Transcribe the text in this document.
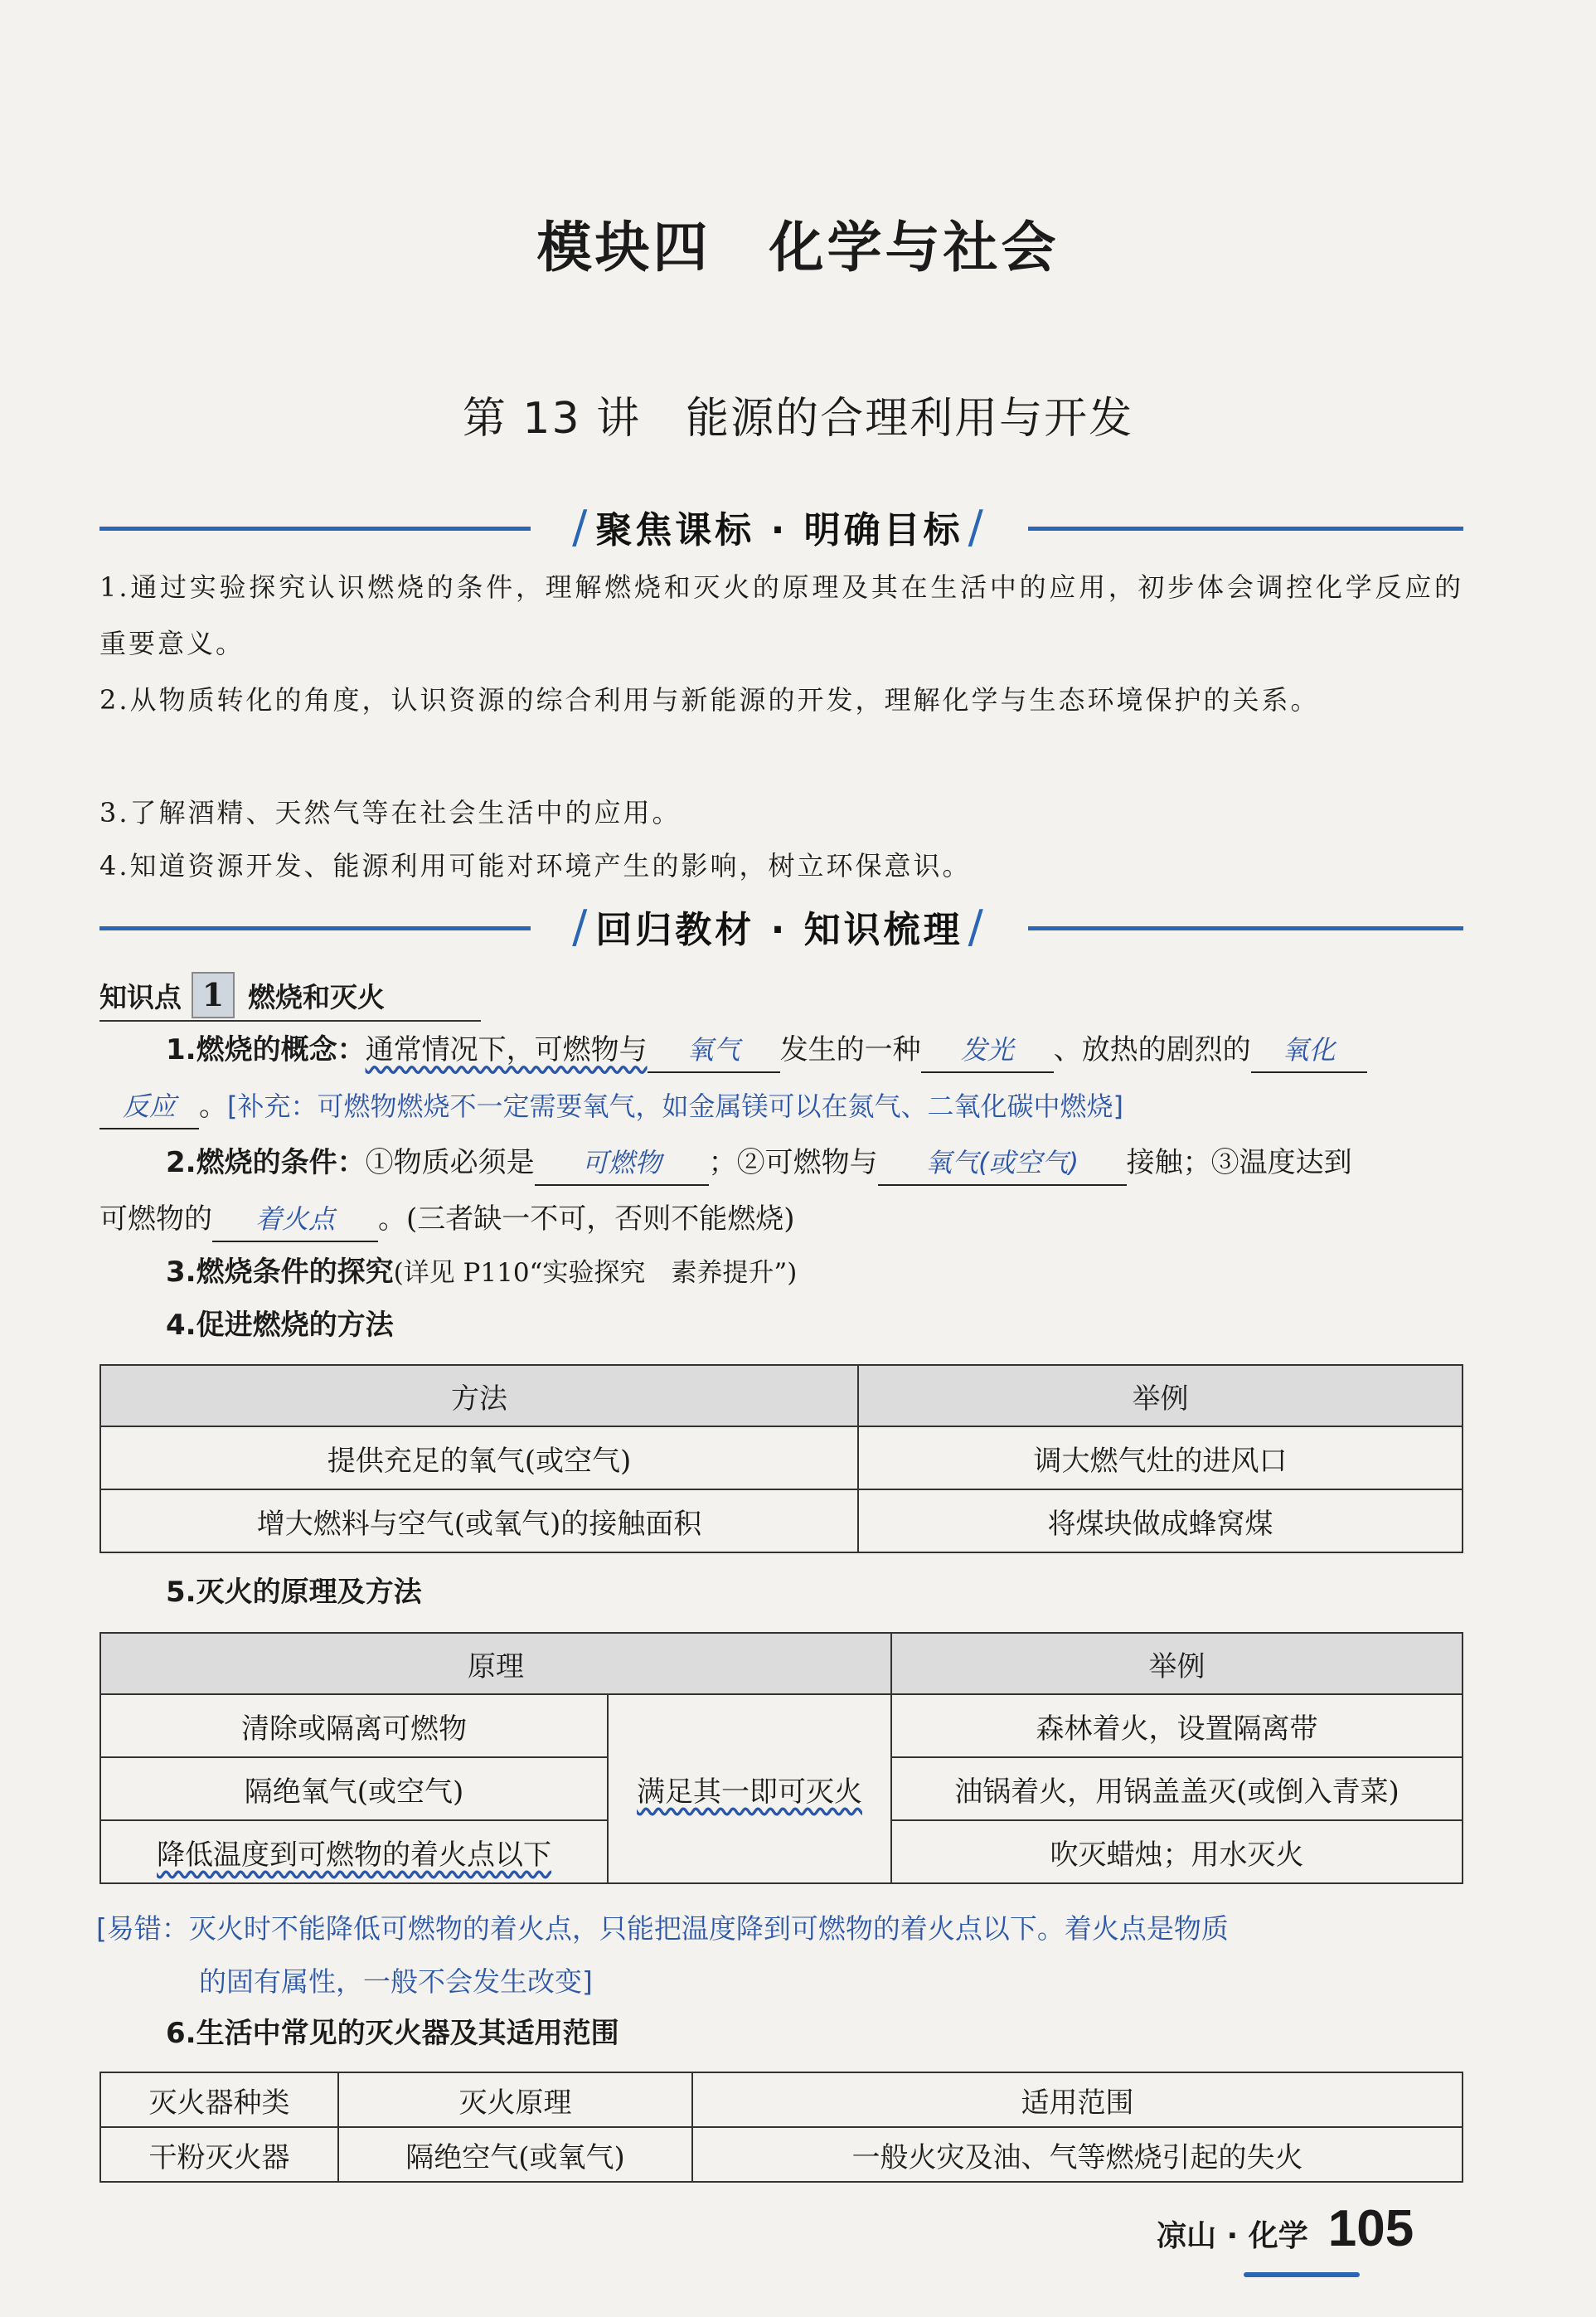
模块四　化学与社会
第 13 讲　能源的合理利用与开发
/ 聚焦课标 · 明确目标 /
1.通过实验探究认识燃烧的条件，理解燃烧和灭火的原理及其在生活中的应用，初步体会调控化学反应的重要意义。
2.从物质转化的角度，认识资源的综合利用与新能源的开发，理解化学与生态环境保护的关系。
3.了解酒精、天然气等在社会生活中的应用。
4.知道资源开发、能源利用可能对环境产生的影响，树立环保意识。
/ 回归教材 · 知识梳理 /
知识点 1 燃烧和灭火
1.燃烧的概念：通常情况下，可燃物与 氧气 发生的一种 发光 、放热的剧烈的 氧化
反应 。[补充：可燃物燃烧不一定需要氧气，如金属镁可以在氮气、二氧化碳中燃烧]
2.燃烧的条件：①物质必须是 可燃物 ；②可燃物与 氧气(或空气) 接触；③温度达到
可燃物的 着火点 。(三者缺一不可，否则不能燃烧)
3.燃烧条件的探究(详见 P110“实验探究　素养提升”)
4.促进燃烧的方法
方法	举例
提供充足的氧气(或空气)	调大燃气灶的进风口
增大燃料与空气(或氧气)的接触面积	将煤块做成蜂窝煤
5.灭火的原理及方法
原理		举例
清除或隔离可燃物	满足其一即可灭火	森林着火，设置隔离带
隔绝氧气(或空气)		油锅着火，用锅盖盖灭(或倒入青菜)
降低温度到可燃物的着火点以下		吹灭蜡烛；用水灭火
[易错：灭火时不能降低可燃物的着火点，只能把温度降到可燃物的着火点以下。着火点是物质
的固有属性，一般不会发生改变]
6.生活中常见的灭火器及其适用范围
灭火器种类	灭火原理	适用范围
干粉灭火器	隔绝空气(或氧气)	一般火灾及油、气等燃烧引起的失火
凉山 · 化学 105
